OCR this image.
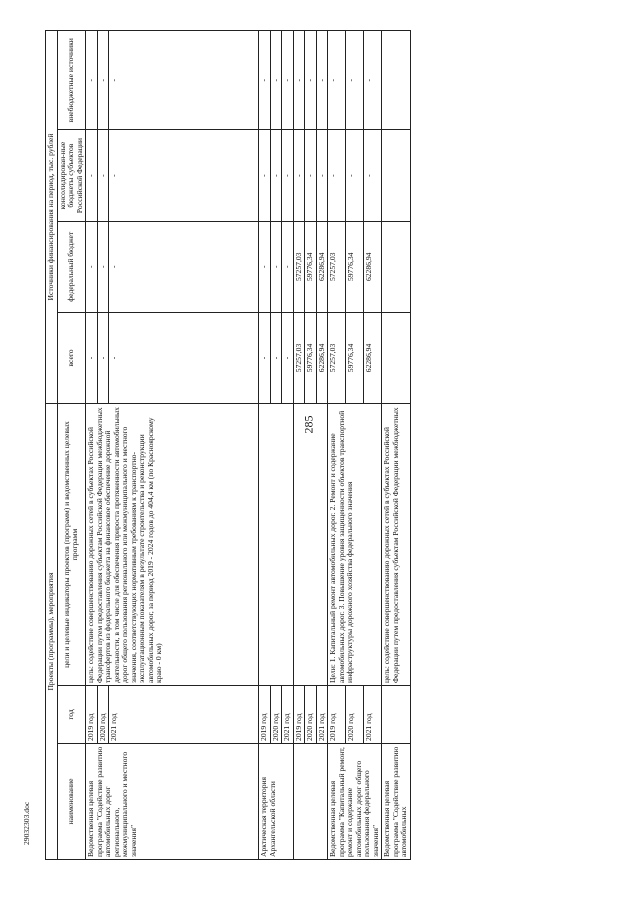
285
Проекты (программы), мероприятия			Источники финансирования на период, тыс. рублей			
наименование	год	цели и целевые индикаторы проектов (программ) и ведомственных целевых программ	всего	федеральный бюджет	консолидирован-ные бюджеты субъектов Российской Федерации	внебюджетные источники
Ведомственная целевая программа "Содействие развитию автомобильных дорог регионального, межмуниципального и местного значения"	2019 год	цель: содействие совершенствованию дорожных сетей в субъектах Российской Федерации путем предоставления субъектам Российской Федерации межбюджетных трансфертов из федерального бюджета на финансовое обеспечение дорожной деятельности, в том числе для обеспечения прироста протяженности автомобильных дорог общего пользования регионального или межмуниципального и местного значения, соответствующих нормативным требованиям к транспортно-эксплуатационным показателям в результате строительства и реконструкции автомобильных дорог, за период 2019 - 2024 годов до 404,4 км (по Красноярскому краю - 0 км)	-	-	-	-
	2020 год		-	-	-	-
	2021 год		-	-	-	-
Арктическая территория Архангельской области	2019 год		-	-	-	-
	2020 год		-	-	-	-
	2021 год		-	-	-	-
	2019 год		57257,03	57257,03	-	-
	2020 год		59776,34	59776,34	-	-
	2021 год		62286,94	62286,94	-	-
Ведомственная целевая программа "Капитальный ремонт, ремонт и содержание автомобильных дорог общего пользования федерального значения"	2019 год	Цели: 1. Капитальный ремонт автомобильных дорог. 2. Ремонт и содержание автомобильных дорог. 3. Повышение уровня защищенности объектов транспортной инфраструктуры дорожного хозяйства федерального значения	57257,03	57257,03	-	-
	2020 год		59776,34	59776,34	-	-
	2021 год		62286,94	62286,94	-	-
Ведомственная целевая программа "Содействие развитию автомобильных		цель: содействие совершенствованию дорожных сетей в субъектах Российской Федерации путем предоставления субъектам Российской Федерации межбюджетных				
29032303.doc
